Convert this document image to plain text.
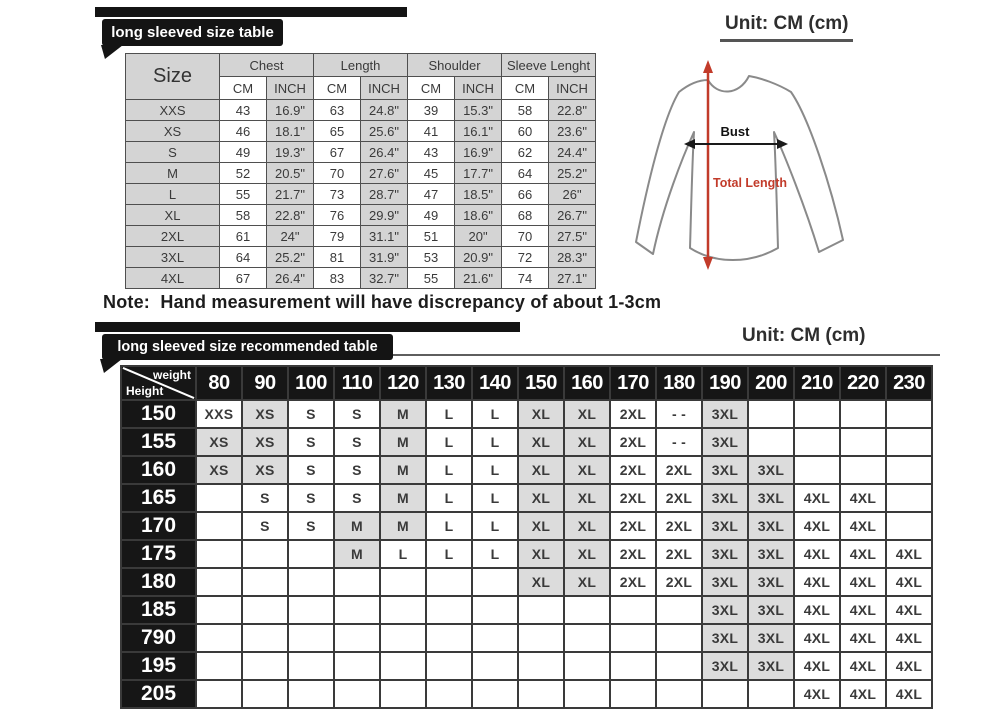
long sleeved size table	Unit: CM (cm)
Size	Chest		Length		Shoulder		Sleeve Lenght	
	CM	INCH	CM	INCH	CM	INCH	CM	INCH
XXS	43	16.9"	63	24.8"	39	15.3"	58	22.8"
XS	46	18.1"	65	25.6"	41	16.1"	60	23.6"
S	49	19.3"	67	26.4"	43	16.9"	62	24.4"
M	52	20.5"	70	27.6"	45	17.7"	64	25.2"
L	55	21.7"	73	28.7"	47	18.5"	66	26"
XL	58	22.8"	76	29.9"	49	18.6"	68	26.7"
2XL	61	24"	79	31.1"	51	20"	70	27.5"
3XL	64	25.2"	81	31.9"	53	20.9"	72	28.3"
4XL	67	26.4"	83	32.7"	55	21.6"	74	27.1"
Bust
Total Length
Note:  Hand measurement will have discrepancy of about 1-3cm
long sleeved size recommended table
Unit: CM (cm)
weight
Height	80	90	100	110	120	130	140	150	160	170	180	190	200	210	220	230
150	XXS	XS	S	S	M	L	L	XL	XL	2XL	- -	3XL				
155	XS	XS	S	S	M	L	L	XL	XL	2XL	- -	3XL				
160	XS	XS	S	S	M	L	L	XL	XL	2XL	2XL	3XL	3XL			
165		S	S	S	M	L	L	XL	XL	2XL	2XL	3XL	3XL	4XL	4XL	
170		S	S	M	M	L	L	XL	XL	2XL	2XL	3XL	3XL	4XL	4XL	
175				M	L	L	L	XL	XL	2XL	2XL	3XL	3XL	4XL	4XL	4XL
180								XL	XL	2XL	2XL	3XL	3XL	4XL	4XL	4XL
185												3XL	3XL	4XL	4XL	4XL
790												3XL	3XL	4XL	4XL	4XL
195												3XL	3XL	4XL	4XL	4XL
205														4XL	4XL	4XL
